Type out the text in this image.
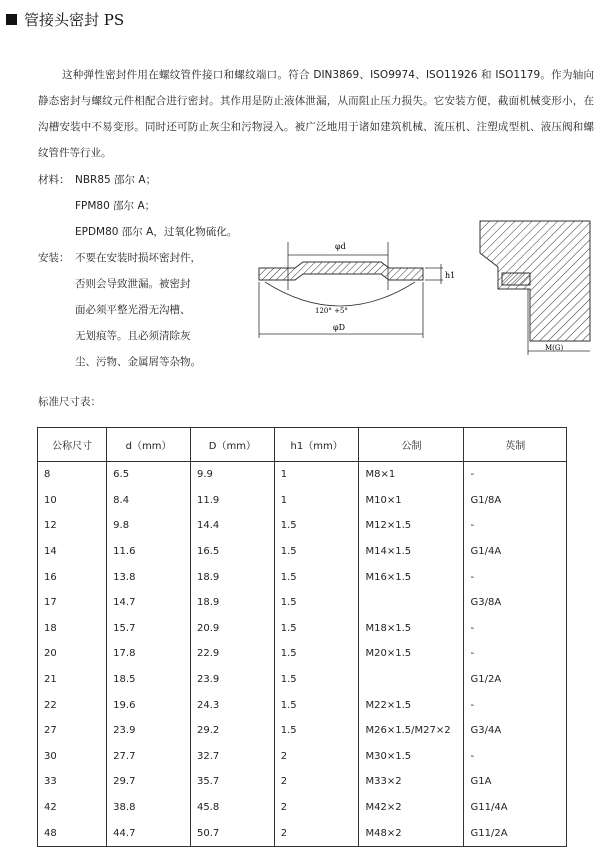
管接头密封 PS
这种弹性密封件用在螺纹管件接口和螺纹端口。符合 DIN3869、ISO9974、ISO11926 和 ISO1179。作为轴向静态密封与螺纹元件相配合进行密封。其作用是防止液体泄漏，从而阻止压力损失。它安装方便，截面机械变形小，在沟槽安装中不易变形。同时还可防止灰尘和污物浸入。被广泛地用于诸如建筑机械、流压机、注塑成型机、液压阀和螺纹管件等行业。
材料： NBR85 邵尔 A；
FPM80 邵尔 A；
EPDM80 邵尔 A，过氧化物硫化。
安装： 不要在安装时损坏密封件，
否则会导致泄漏。被密封
面必须平整光滑无沟槽、
无划痕等。且必须清除灰
尘、污物、金属屑等杂物。
φd
h1
120° +5°
φD
M(G)
标准尺寸表：
公称尺寸	d（mm）	D（mm）	h1（mm）	公制	英制
8	6.5	9.9	1	M8×1	-
10	8.4	11.9	1	M10×1	G1/8A
12	9.8	14.4	1.5	M12×1.5	-
14	11.6	16.5	1.5	M14×1.5	G1/4A
16	13.8	18.9	1.5	M16×1.5	-
17	14.7	18.9	1.5		G3/8A
18	15.7	20.9	1.5	M18×1.5	-
20	17.8	22.9	1.5	M20×1.5	-
21	18.5	23.9	1.5		G1/2A
22	19.6	24.3	1.5	M22×1.5	-
27	23.9	29.2	1.5	M26×1.5/M27×2	G3/4A
30	27.7	32.7	2	M30×1.5	-
33	29.7	35.7	2	M33×2	G1A
42	38.8	45.8	2	M42×2	G11/4A
48	44.7	50.7	2	M48×2	G11/2A
